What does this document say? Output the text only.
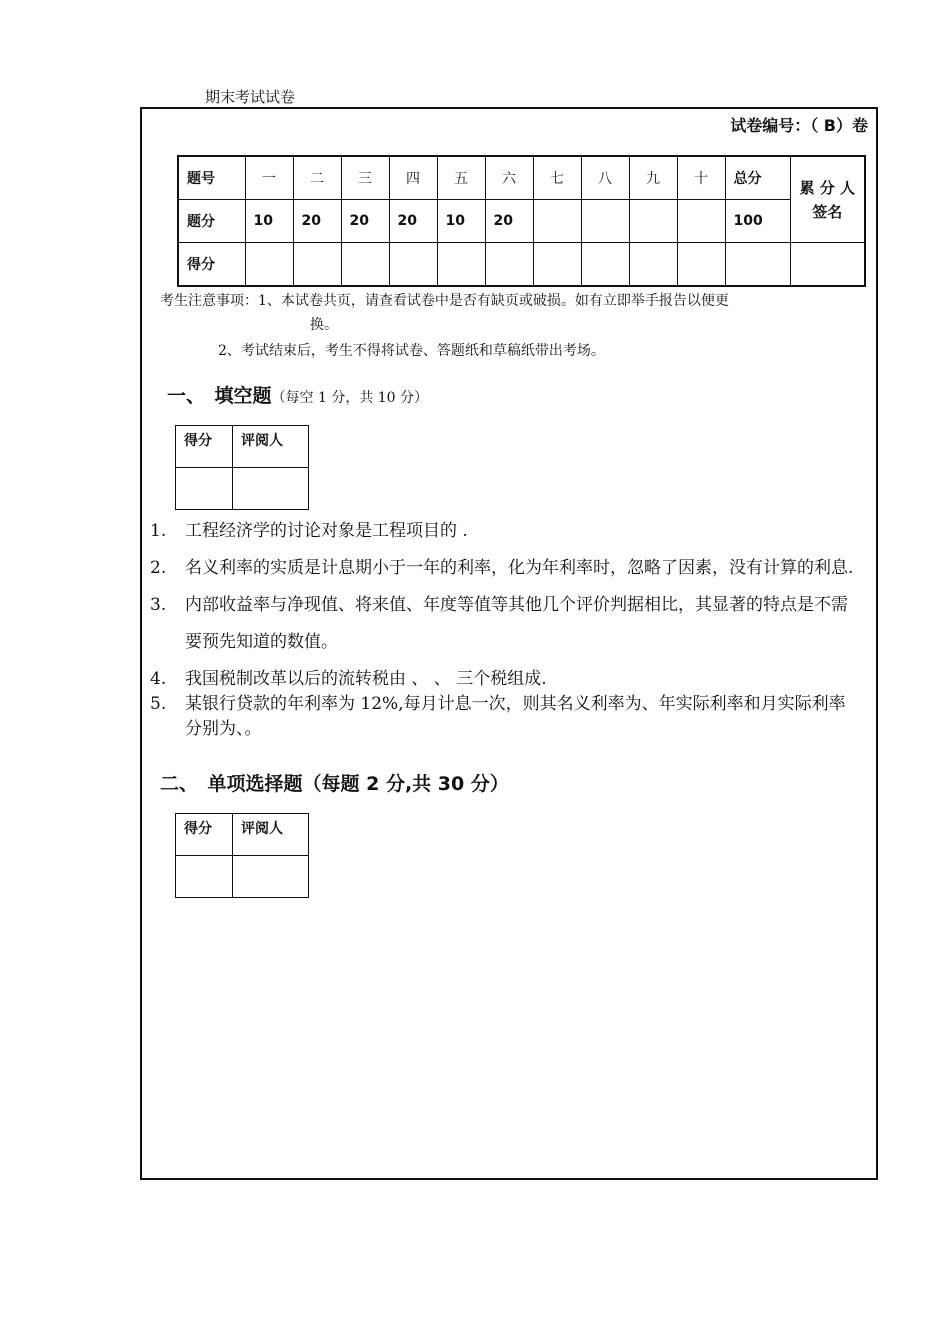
期末考试试卷
试卷编号：（ B）卷
题号	一	二	三	四	五	六	七	八	九	十	总分	累 分 人
签名

题分	10	20	20	20	10	20					100	
得分												
考生注意事项：1、本试卷共页，请查看试卷中是否有缺页或破损。如有立即举手报告以便更
换。
2、考试结束后，考生不得将试卷、答题纸和草稿纸带出考场。
一、　填空题（每空 1 分，共 10 分）
得分	评阅人

1. 工程经济学的讨论对象是工程项目的 .
2. 名义利率的实质是计息期小于一年的利率，化为年利率时，忽略了因素，没有计算的利息.
3. 内部收益率与净现值、将来值、年度等值等其他几个评价判据相比，其显著的特点是不需要预先知道的数值。
4. 我国税制改革以后的流转税由 、 、 三个税组成.
5. 某银行贷款的年利率为 12%,每月计息一次，则其名义利率为、年实际利率和月实际利率分别为、。
二、　单项选择题（每题 2 分,共 30 分）
得分	评阅人
